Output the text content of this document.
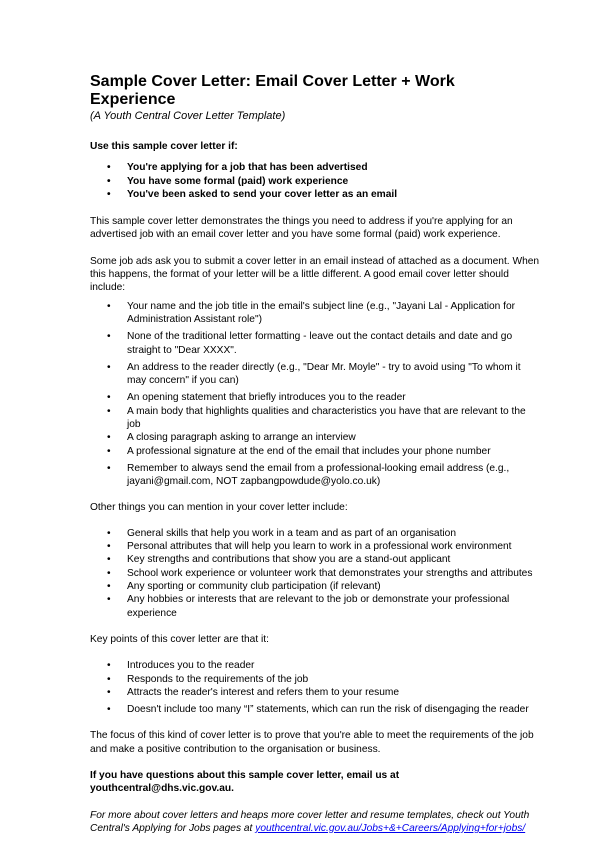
Sample Cover Letter: Email Cover Letter + Work Experience
(A Youth Central Cover Letter Template)

Use this sample cover letter if:

• You're applying for a job that has been advertised
• You have some formal (paid) work experience
• You've been asked to send your cover letter as an email

This sample cover letter demonstrates the things you need to address if you're applying for an advertised job with an email cover letter and you have some formal (paid) work experience.

Some job ads ask you to submit a cover letter in an email instead of attached as a document. When this happens, the format of your letter will be a little different. A good email cover letter should include:

• Your name and the job title in the email's subject line (e.g., "Jayani Lal - Application for Administration Assistant role")
• None of the traditional letter formatting - leave out the contact details and date and go straight to "Dear XXXX".
• An address to the reader directly (e.g., "Dear Mr. Moyle" - try to avoid using "To whom it may concern" if you can)
• An opening statement that briefly introduces you to the reader
• A main body that highlights qualities and characteristics you have that are relevant to the job
• A closing paragraph asking to arrange an interview
• A professional signature at the end of the email that includes your phone number
• Remember to always send the email from a professional-looking email address (e.g., jayani@gmail.com, NOT zapbangpowdude@yolo.co.uk)

Other things you can mention in your cover letter include:

• General skills that help you work in a team and as part of an organisation
• Personal attributes that will help you learn to work in a professional work environment
• Key strengths and contributions that show you are a stand-out applicant
• School work experience or volunteer work that demonstrates your strengths and attributes
• Any sporting or community club participation (if relevant)
• Any hobbies or interests that are relevant to the job or demonstrate your professional experience

Key points of this cover letter are that it:

• Introduces you to the reader
• Responds to the requirements of the job
• Attracts the reader's interest and refers them to your resume
• Doesn't include too many “I” statements, which can run the risk of disengaging the reader

The focus of this kind of cover letter is to prove that you're able to meet the requirements of the job and make a positive contribution to the organisation or business.

If you have questions about this sample cover letter, email us at youthcentral@dhs.vic.gov.au.

For more about cover letters and heaps more cover letter and resume templates, check out Youth Central's Applying for Jobs pages at youthcentral.vic.gov.au/Jobs+&+Careers/Applying+for+jobs/
